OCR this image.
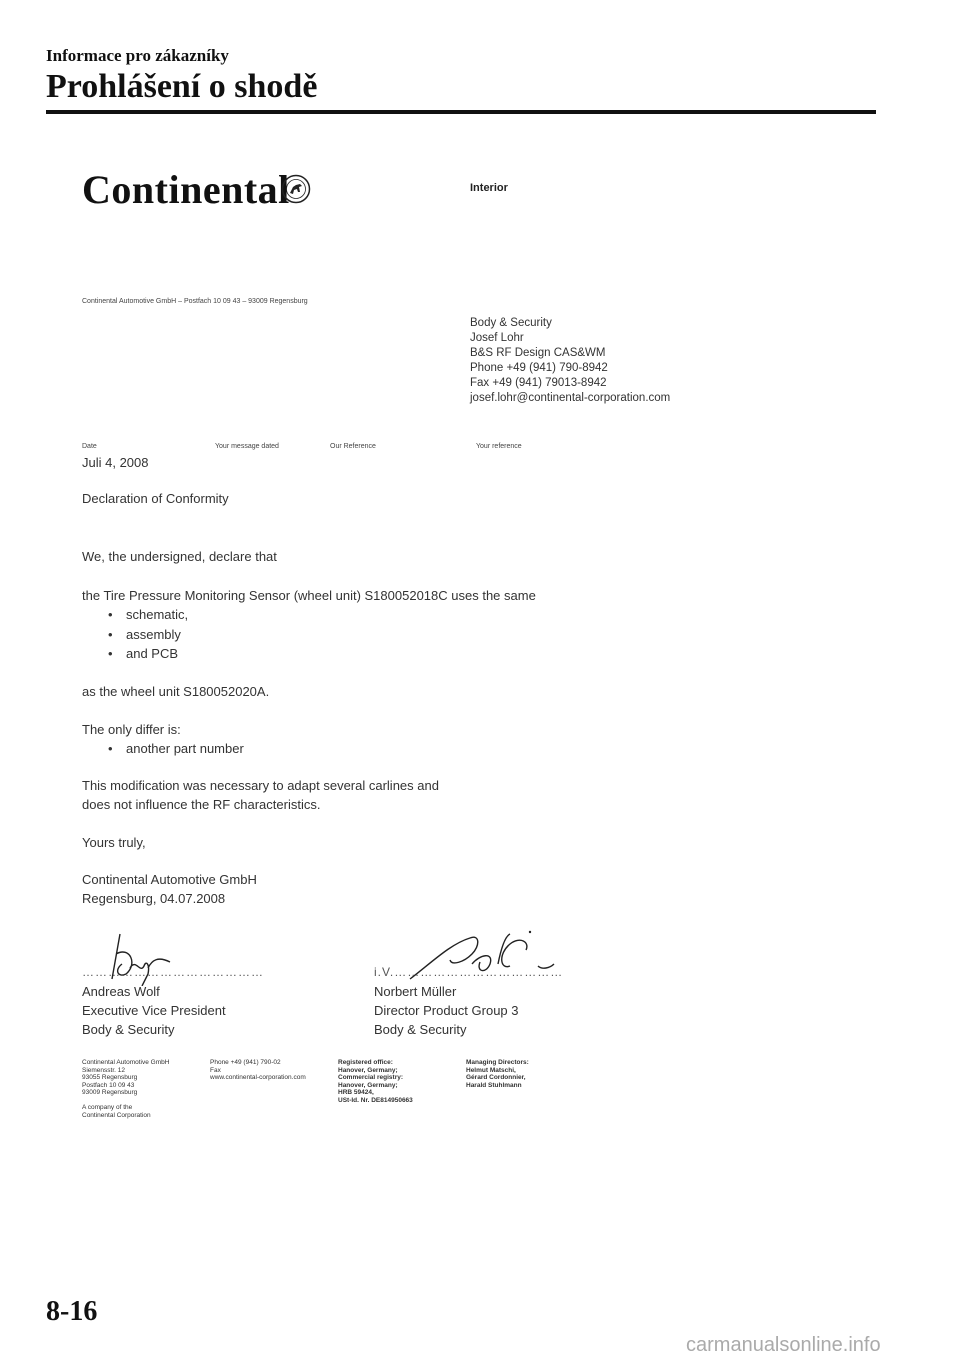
Informace pro zákazníky
Prohlášení o shodě
Continental	Interior
Continental Automotive GmbH – Postfach 10 09 43 – 93009 Regensburg
Body & Security
Josef Lohr
B&S RF Design CAS&WM
Phone +49 (941) 790-8942
Fax +49 (941) 79013-8942
josef.lohr@continental-corporation.com
Date	Your message dated	Our Reference	Your reference
Juli 4, 2008
Declaration of Conformity
We, the undersigned, declare that
the Tire Pressure Monitoring Sensor (wheel unit) S180052018C uses the same
• schematic,
• assembly
• and PCB
as the wheel unit S180052020A.
The only differ is:
• another part number
This modification was necessary to adapt several carlines and
does not influence the RF characteristics.
Yours truly,
Continental Automotive GmbH
Regensburg, 04.07.2008
……………………………………	i.V.…………………………………
Andreas Wolf
Executive Vice President
Body & Security
Norbert Müller
Director Product Group 3
Body & Security
Continental Automotive GmbH
Siemensstr. 12
93055 Regensburg
Postfach 10 09 43
93009 Regensburg
A company of the
Continental Corporation
Phone +49 (941) 790-02
Fax
www.continental-corporation.com
Registered office:
Hanover, Germany;
Commercial registry:
Hanover, Germany;
HRB 59424,
USt-Id. Nr. DE814950663
Managing Directors:
Helmut Matschi,
Gérard Cordonnier,
Harald Stuhlmann
8-16
carmanualsonline.info
